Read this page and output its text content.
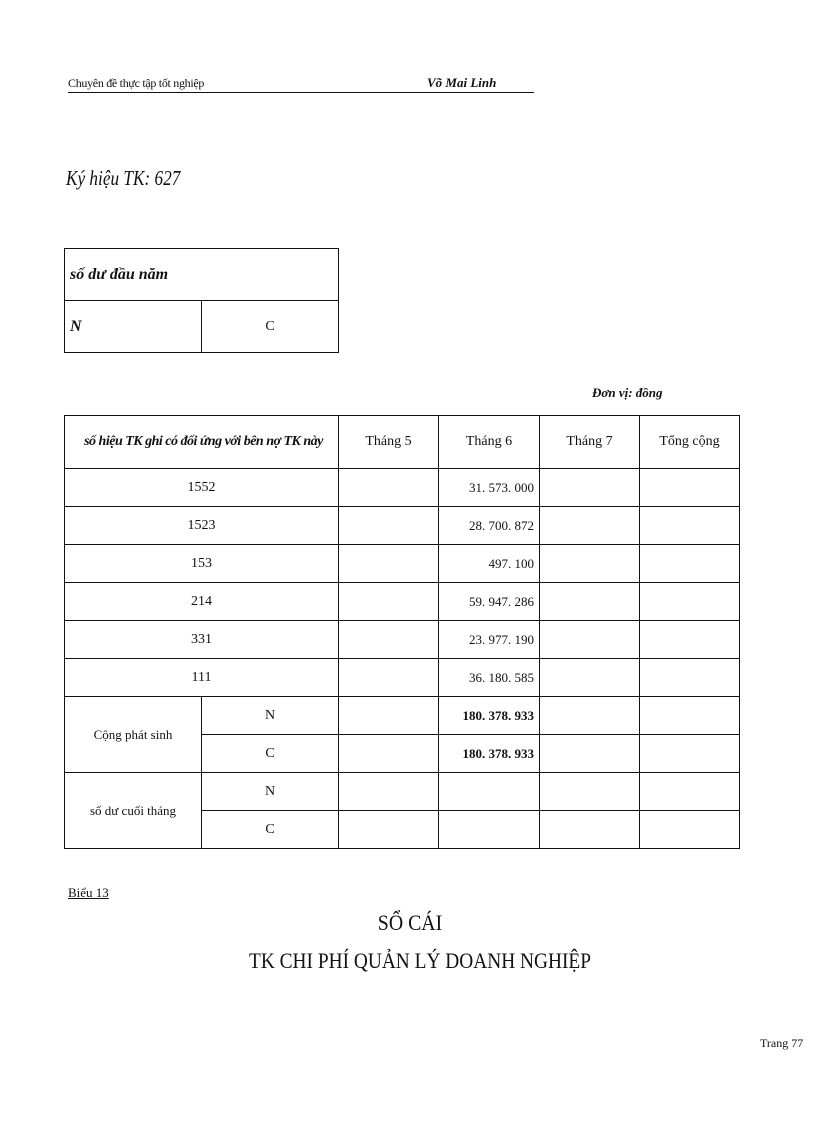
Chuyên đề thực tập tốt nghiệp	Võ Mai Linh
Ký hiệu TK: 627
số dư đầu năm
N	C
Đơn vị: đồng
số hiệu TK ghi có đối ứng với bên nợ TK này		Tháng 5	Tháng 6	Tháng 7	Tổng cộng
1552			31. 573. 000		
1523			28. 700. 872		
153			497. 100		
214			59. 947. 286		
331			23. 977. 190		
111			36. 180. 585		
Cộng phát sinh	N		180. 378. 933		
	C		180. 378. 933		
số dư cuối tháng	N				
	C				
Biểu 13
SỔ CÁI
TK CHI PHÍ QUẢN LÝ DOANH NGHIỆP
Trang 77
